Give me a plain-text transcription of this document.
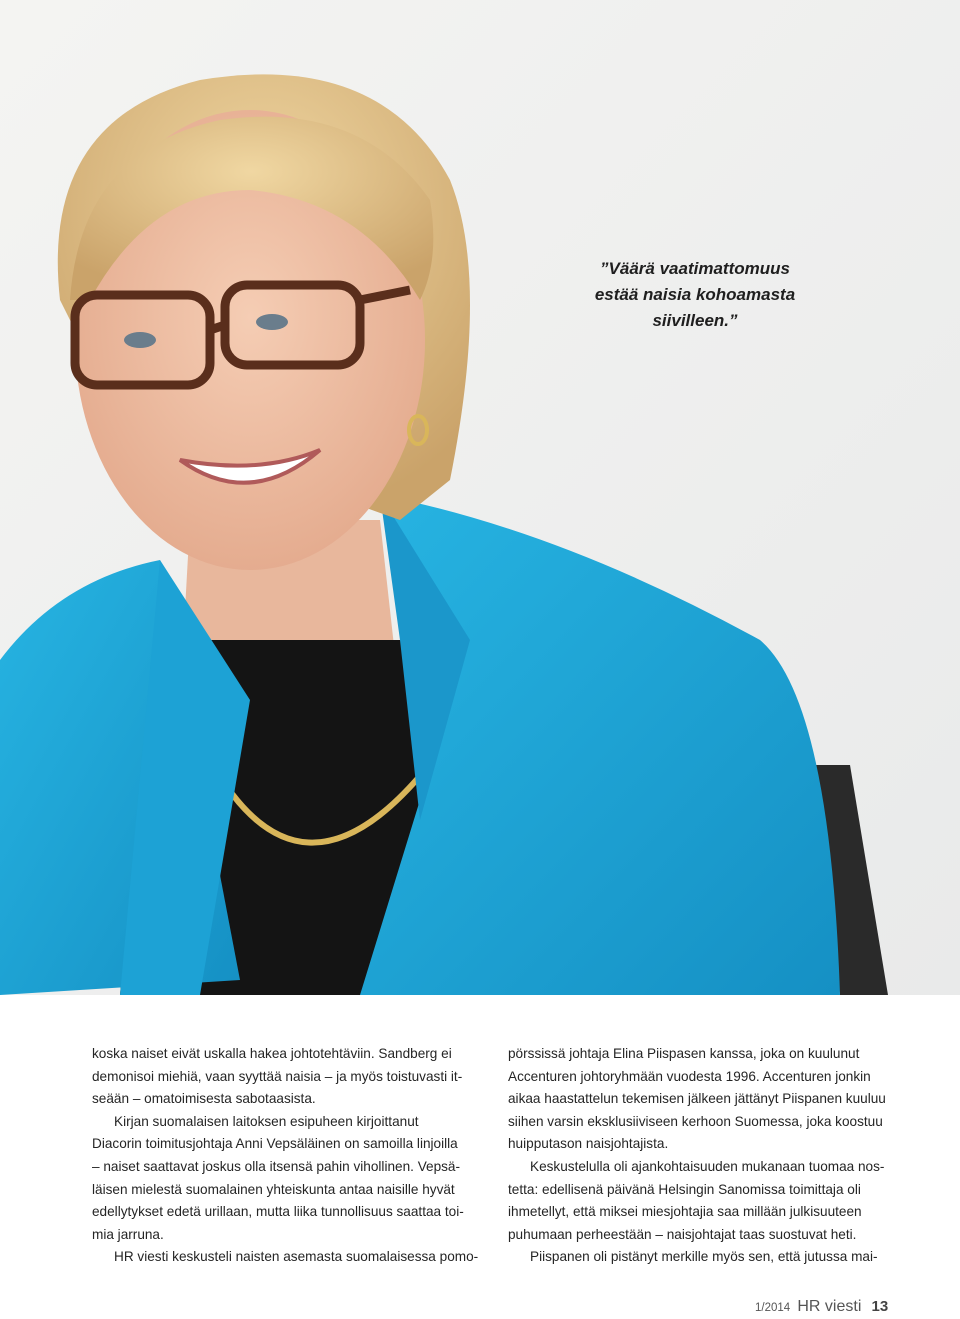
”Väärä vaatimattomuus
estää naisia kohoamasta
siivilleen.”

koska naiset eivät uskalla hakea johtotehtäviin. Sandberg ei
demonisoi miehiä, vaan syyttää naisia – ja myös toistuvasti it-
seään – omatoimisesta sabotaasista.

Kirjan suomalaisen laitoksen esipuheen kirjoittanut
Diacorin toimitusjohtaja Anni Vepsäläinen on samoilla linjoilla
– naiset saattavat joskus olla itsensä pahin vihollinen. Vepsä-
läisen mielestä suomalainen yhteiskunta antaa naisille hyvät
edellytykset edetä urillaan, mutta liika tunnollisuus saattaa toi-
mia jarruna.

HR viesti keskusteli naisten asemasta suomalaisessa pomo-

pörssissä johtaja Elina Piispasen kanssa, joka on kuulunut
Accenturen johtoryhmään vuodesta 1996. Accenturen jonkin
aikaa haastattelun tekemisen jälkeen jättänyt Piispanen kuuluu
siihen varsin eksklusiiviseen kerhoon Suomessa, joka koostuu
huipputason naisjohtajista.

Keskustelulla oli ajankohtaisuuden mukanaan tuomaa nos-
tetta: edellisenä päivänä Helsingin Sanomissa toimittaja oli
ihmetellyt, että miksei miesjohtajia saa millään julkisuuteen
puhumaan perheestään – naisjohtajat taas suostuvat heti.

Piispanen oli pistänyt merkille myös sen, että jutussa mai-

1/2014 HR viesti 13
